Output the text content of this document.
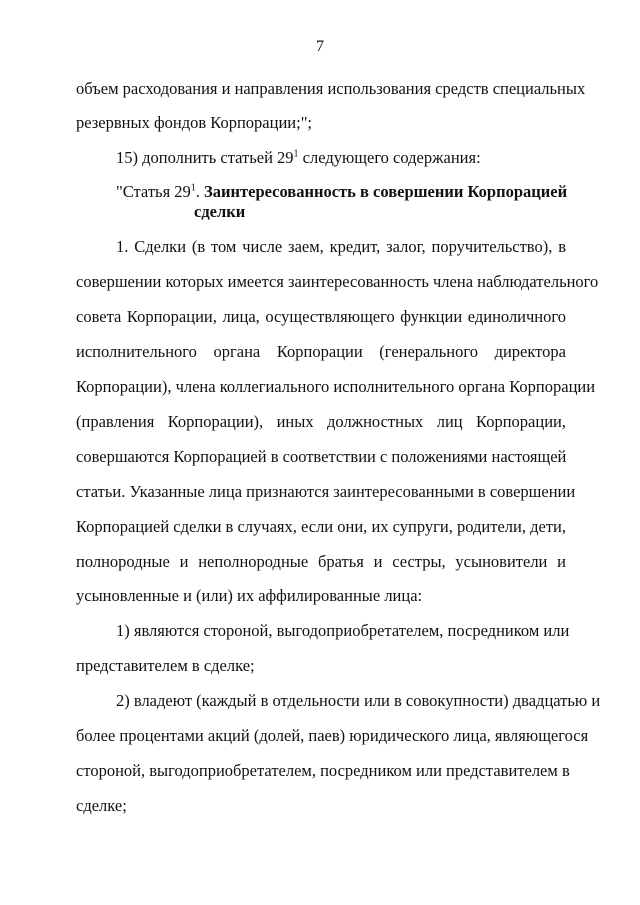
7
объем расходования и направления использования средств специальных
резервных фондов Корпорации;";
15) дополнить статьей $29^1$ следующего содержания:
"Статья $29^1$. Заинтересованность в совершении Корпорацией
сделки
1. Сделки (в том числе заем, кредит, залог, поручительство), в
совершении которых имеется заинтересованность члена наблюдательного
совета Корпорации, лица, осуществляющего функции единоличного
исполнительного органа Корпорации (генерального директора
Корпорации), члена коллегиального исполнительного органа Корпорации
(правления Корпорации), иных должностных лиц Корпорации,
совершаются Корпорацией в соответствии с положениями настоящей
статьи. Указанные лица признаются заинтересованными в совершении
Корпорацией сделки в случаях, если они, их супруги, родители, дети,
полнородные и неполнородные братья и сестры, усыновители и
усыновленные и (или) их аффилированные лица:
1) являются стороной, выгодоприобретателем, посредником или
представителем в сделке;
2) владеют (каждый в отдельности или в совокупности) двадцатью и
более процентами акций (долей, паев) юридического лица, являющегося
стороной, выгодоприобретателем, посредником или представителем в
сделке;
